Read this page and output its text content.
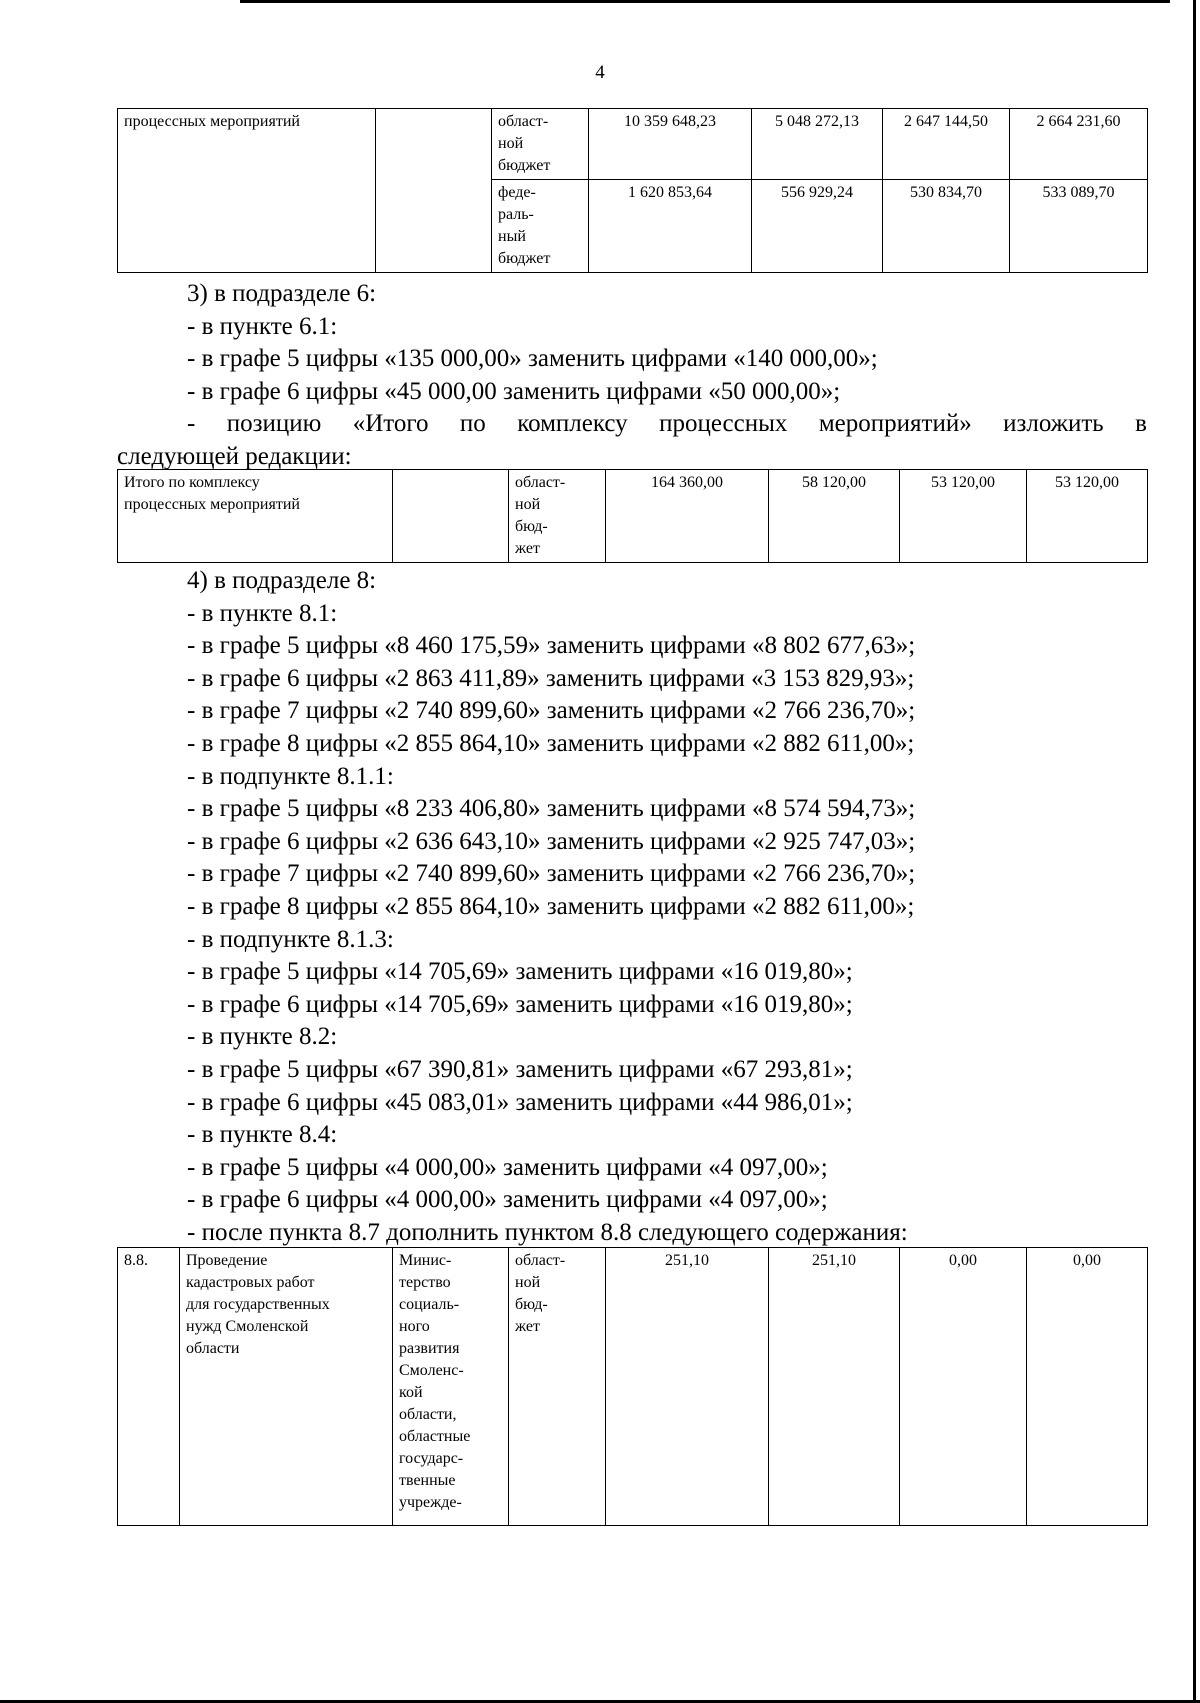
4
процессных мероприятий		област-
ной
бюджет	10 359 648,23	5 048 272,13	2 647 144,50	2 664 231,60
		феде-
раль-
ный
бюджет	1 620 853,64	556 929,24	530 834,70	533 089,70
3) в подразделе 6:
- в пункте 6.1:
- в графе 5 цифры «135 000,00» заменить цифрами «140 000,00»;
- в графе 6 цифры «45 000,00 заменить цифрами «50 000,00»;
- позицию «Итого по комплексу процессных мероприятий» изложить в
следующей редакции:
Итого по комплексу
процессных мероприятий		област-
ной
бюд-
жет	164 360,00	58 120,00	53 120,00	53 120,00
4) в подразделе 8:
- в пункте 8.1:
- в графе 5 цифры «8 460 175,59» заменить цифрами «8 802 677,63»;
- в графе 6 цифры «2 863 411,89» заменить цифрами «3 153 829,93»;
- в графе 7 цифры «2 740 899,60» заменить цифрами «2 766 236,70»;
- в графе 8 цифры «2 855 864,10» заменить цифрами «2 882 611,00»;
- в подпункте 8.1.1:
- в графе 5 цифры «8 233 406,80» заменить цифрами «8 574 594,73»;
- в графе 6 цифры «2 636 643,10» заменить цифрами «2 925 747,03»;
- в графе 7 цифры «2 740 899,60» заменить цифрами «2 766 236,70»;
- в графе 8 цифры «2 855 864,10» заменить цифрами «2 882 611,00»;
- в подпункте 8.1.3:
- в графе 5 цифры «14 705,69» заменить цифрами «16 019,80»;
- в графе 6 цифры «14 705,69» заменить цифрами «16 019,80»;
- в пункте 8.2:
- в графе 5 цифры «67 390,81» заменить цифрами «67 293,81»;
- в графе 6 цифры «45 083,01» заменить цифрами «44 986,01»;
- в пункте 8.4:
- в графе 5 цифры «4 000,00» заменить цифрами «4 097,00»;
- в графе 6 цифры «4 000,00» заменить цифрами «4 097,00»;
- после пункта 8.7 дополнить пунктом 8.8 следующего содержания:
8.8.	Проведение
кадастровых работ
для государственных
нужд Смоленской
области	Минис-
терство
социаль-
ного
развития
Смоленс-
кой
области,
областные
государс-
твенные
учрежде-	област-
ной
бюд-
жет	251,10	251,10	0,00	0,00
